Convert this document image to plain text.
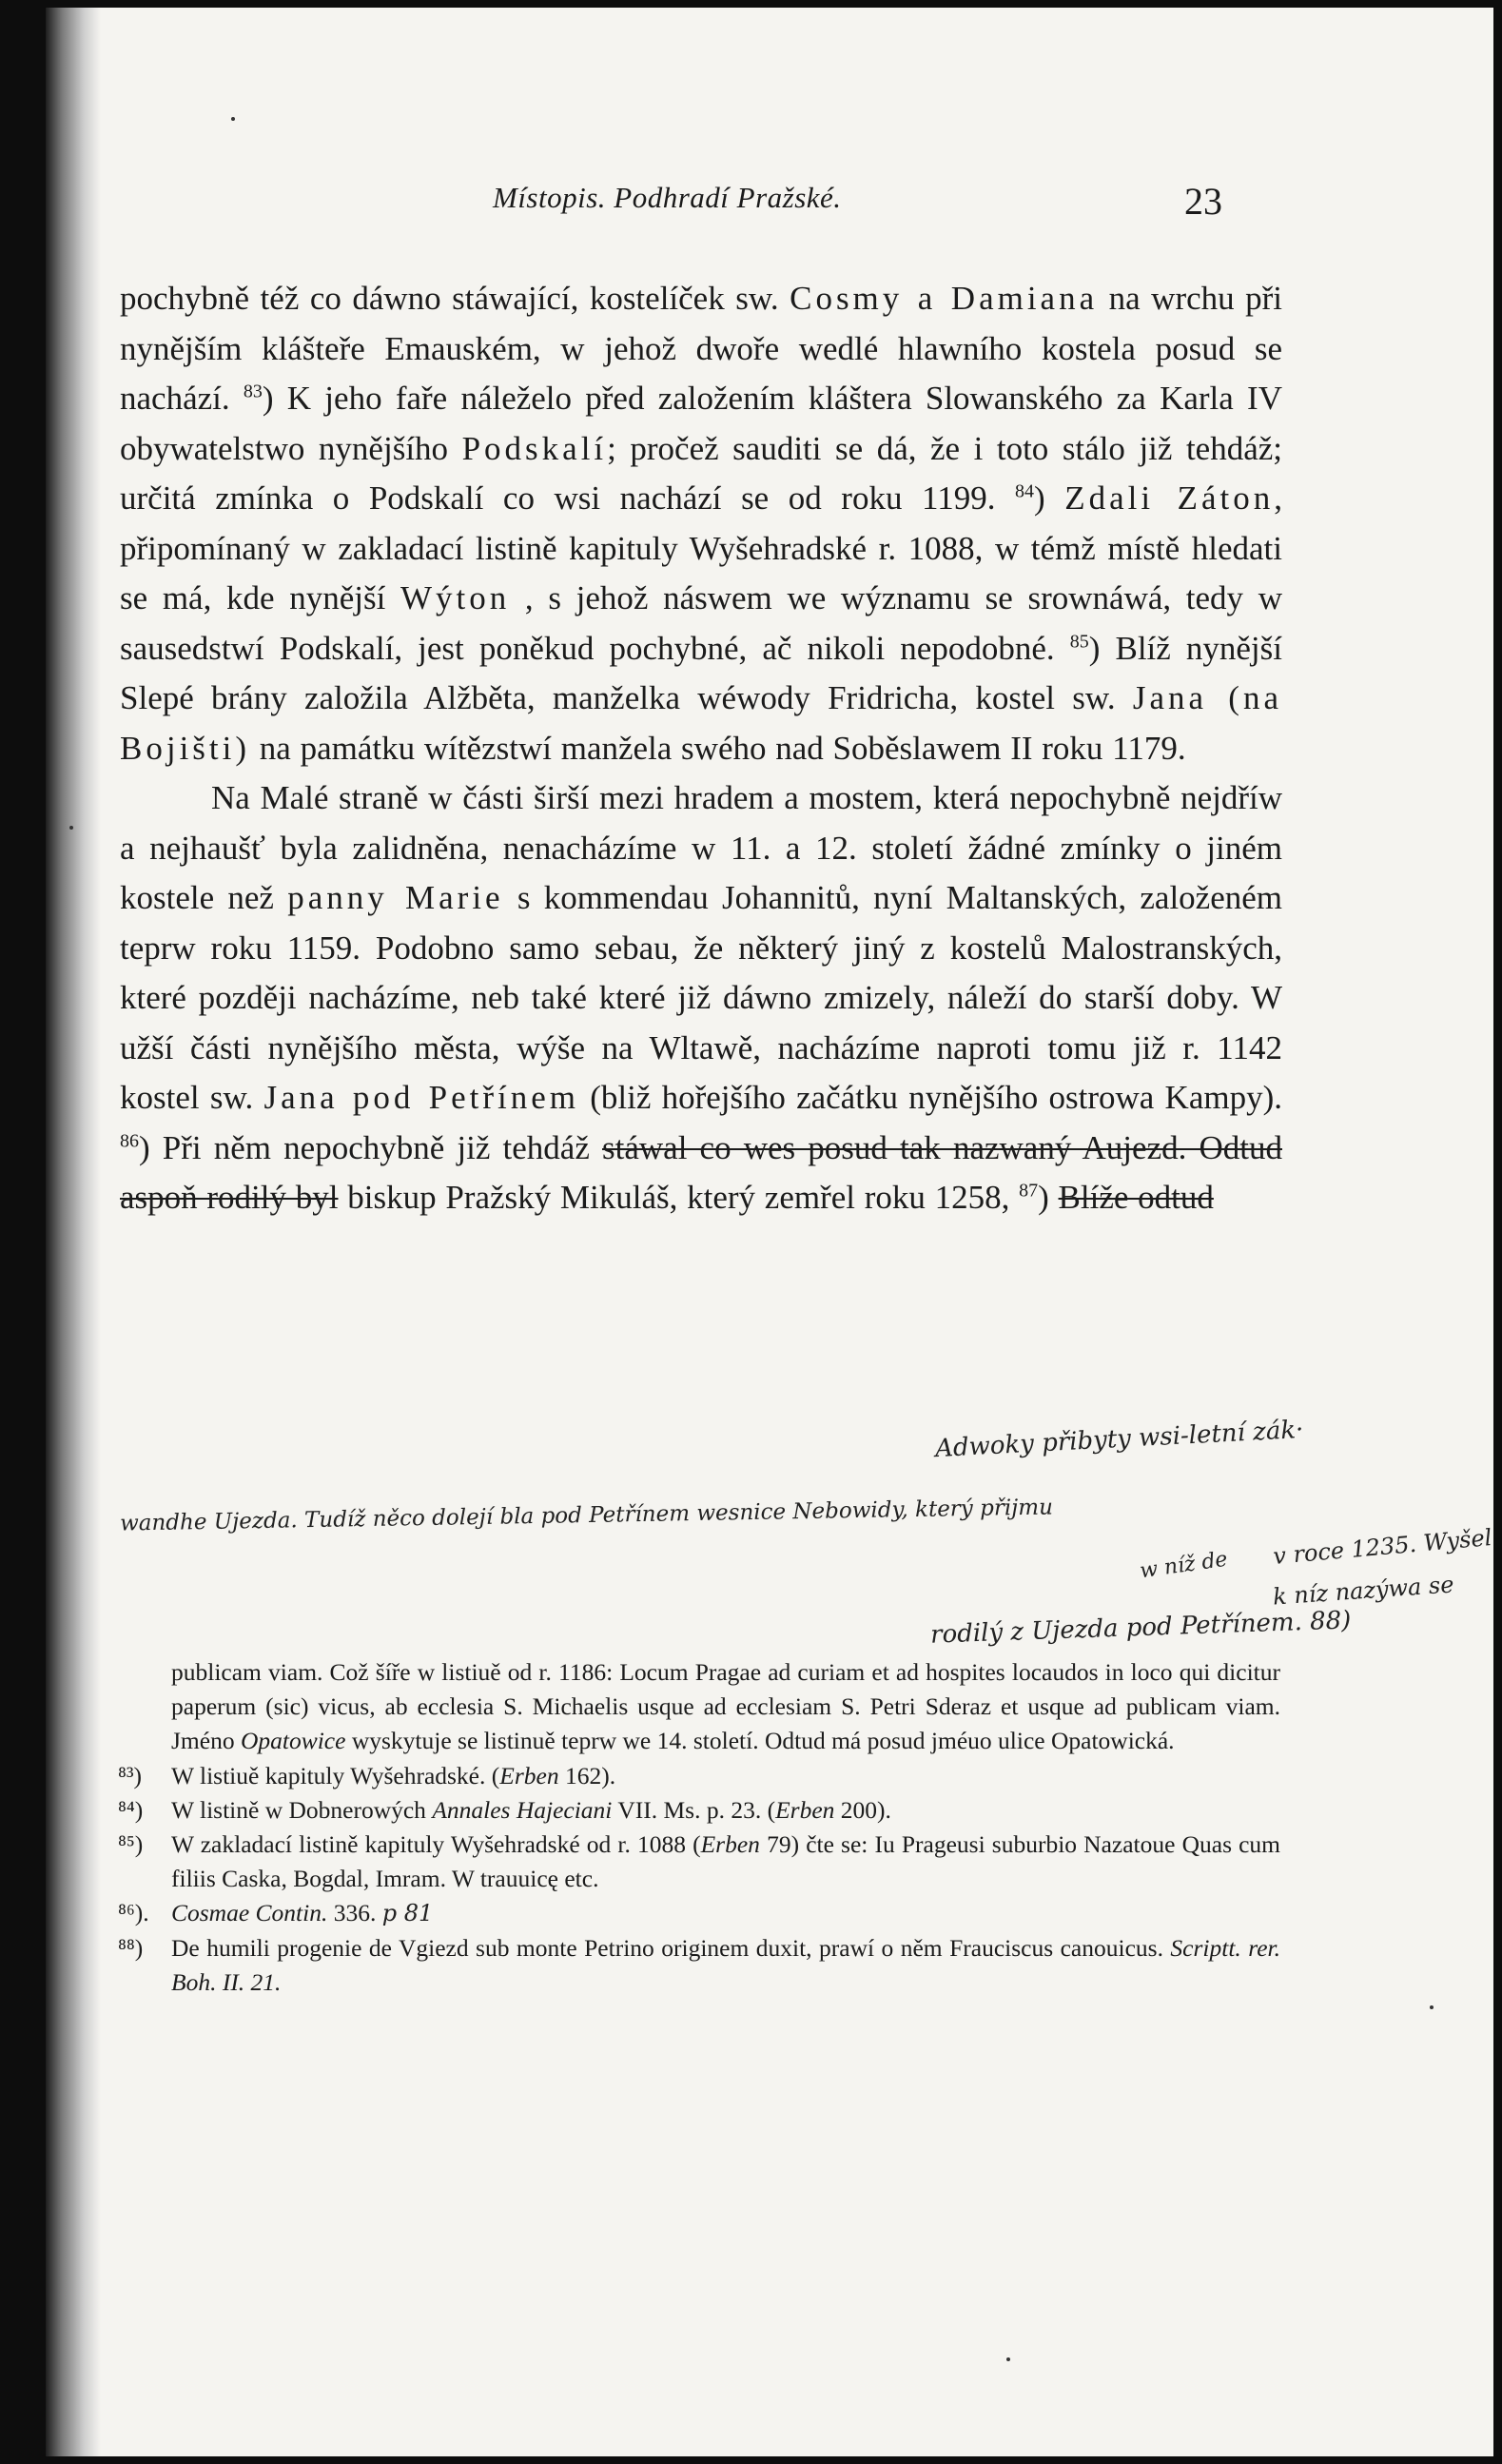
Místopis. Podhradí Pražské.	23

pochybně též co dáwno stáwající, kostelíček sw. Cosmy a Damiana na wrchu při nynějším klášteře Emauském, w jehož dwoře wedlé hlawního kostela posud se nachází. $^{83}$) K jeho faře náleželo před založením kláštera Slowanského za Karla IV obywatelstwo nynějšího Podskalí; pročež sauditi se dá, že i toto stálo již tehdáž; určitá zmínka o Podskalí co wsi nachází se od roku 1199. $^{84}$) Zdali Záton, připomínaný w zakladací listině kapituly Wyšehradské r. 1088, w témž místě hledati se má, kde nynější Wýton , s jehož náswem we wýznamu se srownáwá, tedy w sausedstwí Podskalí, jest poněkud pochybné, ač nikoli nepodobné. $^{85}$) Blíž nynější Slepé brány založila Alžběta, manželka wéwody Fridricha, kostel sw. Jana (na Bojišti) na památku wítězstwí manžela swého nad Soběslawem II roku 1179.

Na Malé straně w části širší mezi hradem a mostem, která nepochybně nejdříw a nejhaušť byla zalidněna, nenacházíme w 11. a 12. století žádné zmínky o jiném kostele než panny Marie s kommendau Johannitů, nyní Maltanských, založeném teprw roku 1159. Podobno samo sebau, že některý jiný z kostelů Malostranských, které později nacházíme, neb také které již dáwno zmizely, náleží do starší doby. W užší části nynějšího města, wýše na Wltawě, nacházíme naproti tomu již r. 1142 kostel sw. Jana pod Petřínem (bliž hořejšího začátku nynějšího ostrowa Kampy). $^{86}$) Při něm nepochybně již tehdáž stáwal co wes posud tak nazwaný Aujezd. Odtud aspoň rodilý byl biskup Pražský Mikuláš, který zemřel roku 1258, $^{87}$) Blíže odtud

Adwoky přibyty wsi-letní zák·
wandhe Ujezda. Tudíž něco dolejí bla pod Petřínem wesnice Nebowidy, který přijmu
v roce 1235. Wyšel
w níž de
k níz nazýwa se
rodilý z Ujezda pod Petřínem. 88)

publicam viam. Což šíře w listiuě od r. 1186: Locum Pragae ad curiam et ad hospites locaudos in loco qui dicitur paperum (sic) vicus, ab ecclesia S. Michaelis usque ad ecclesiam S. Petri Sderaz et usque ad publicam viam. Jméno Opatowice wyskytuje se listinuě teprw we 14. století. Odtud má posud jméuo ulice Opatowická.

⁸³)	W listiuě kapituly Wyšehradské. (Erben 162).
⁸⁴)	W listině w Dobnerowých Annales Hajeciani VII. Ms. p. 23. (Erben 200).
⁸⁵)	W zakladací listině kapituly Wyšehradské od r. 1088 (Erben 79) čte se: Iu Prageusi suburbio Nazatoue Quas cum filiis Caska, Bogdal, Imram. W trauuicę etc.
⁸⁶). Cosmae Contin. 336. p 81
⁸⁸)	De humili progenie de Vgiezd sub monte Petrino originem duxit, prawí o něm Frauciscus canouicus. Scriptt. rer. Boh. II. 21.
